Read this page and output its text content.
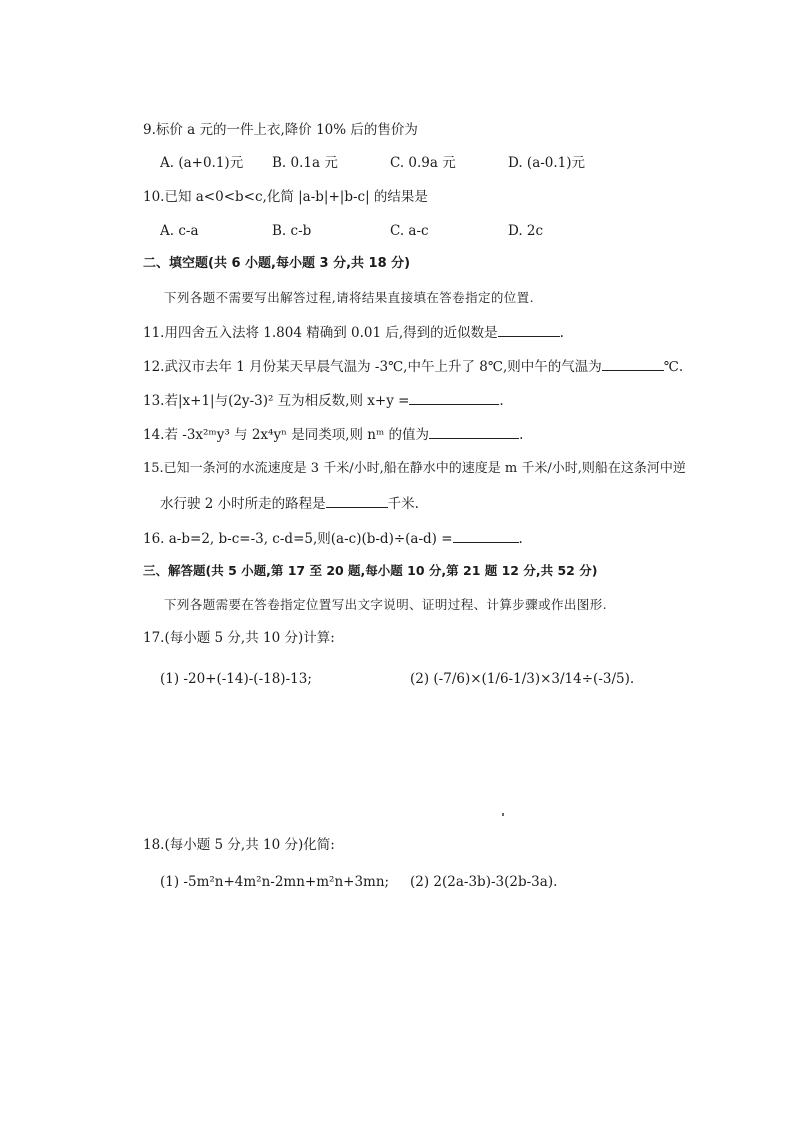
9.标价 a 元的一件上衣,降价 10% 后的售价为
A. (a+0.1)元 B. 0.1a 元	C. 0.9a 元	D. (a-0.1)元
10.已知 a<0<b<c,化简 |a-b|+|b-c| 的结果是
A. c-a	B. c-b	C. a-c	D. 2c
二、填空题(共 6 小题,每小题 3 分,共 18 分)
下列各题不需要写出解答过程,请将结果直接填在答卷指定的位置.
11.用四舍五入法将 1.804 精确到 0.01 后,得到的近似数是	.
12.武汉市去年 1 月份某天早晨气温为 -3℃,中午上升了 8℃,则中午的气温为	℃.
13.若|x+1|与(2y-3)² 互为相反数,则 x+y =	.
14.若 -3x²ᵐy³ 与 2x⁴yⁿ 是同类项,则 nᵐ 的值为	.
15.已知一条河的水流速度是 3 千米/小时,船在静水中的速度是 m 千米/小时,则船在这条河中逆
水行驶 2 小时所走的路程是	千米.
16. a-b=2, b-c=-3, c-d=5,则(a-c)(b-d)÷(a-d) =	.
三、解答题(共 5 小题,第 17 至 20 题,每小题 10 分,第 21 题 12 分,共 52 分)
下列各题需要在答卷指定位置写出文字说明、证明过程、计算步骤或作出图形.
17.(每小题 5 分,共 10 分)计算:
(1) -20+(-14)-(-18)-13;	(2) (-7/6)×(1/6-1/3)×3/14÷(-3/5).
18.(每小题 5 分,共 10 分)化简:
(1) -5m²n+4m²n-2mn+m²n+3mn; (2) 2(2a-3b)-3(2b-3a).
